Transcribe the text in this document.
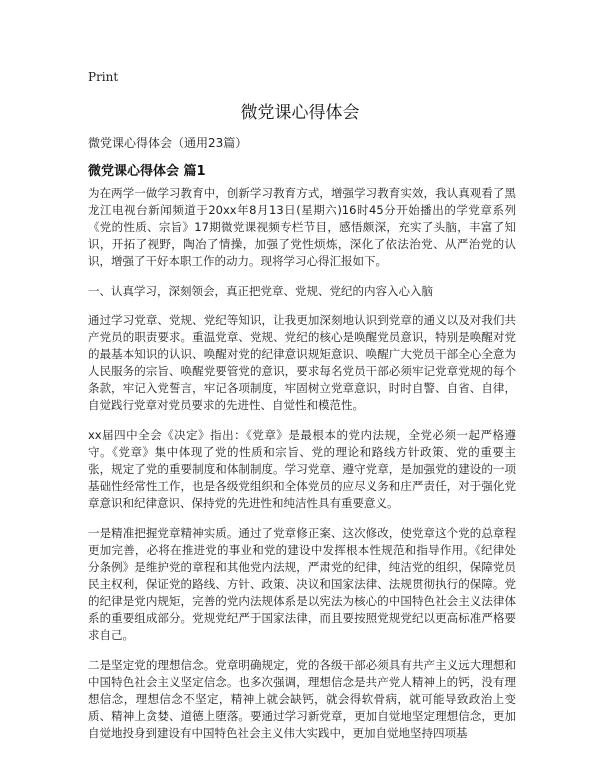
Print
微党课心得体会
微党课心得体会（通用23篇）
微党课心得体会 篇1

为在两学一做学习教育中，创新学习教育方式，增强学习教育实效，我认真观看了黑龙江电视台新闻频道于20xx年8月13日(星期六)16时45分开始播出的学党章系列《党的性质、宗旨》17期微党课视频专栏节目，感悟颇深，充实了头脑，丰富了知识，开拓了视野，陶冶了情操，加强了党性烦炼，深化了依法治党、从严治党的认识，增强了干好本职工作的动力。现将学习心得汇报如下。

一、认真学习，深刻领会，真正把党章、党规、党纪的内容入心入脑

通过学习党章、党规、党纪等知识，让我更加深刻地认识到党章的通义以及对我们共产党员的职责要求。重温党章、党规、党纪的核心是唤醒党员意识，特别是唤醒对党的最基本知识的认识、唤醒对党的纪律意识规矩意识、唤醒广大党员干部全心全意为人民服务的宗旨、唤醒党要管党的意识，要求每名党员干部必须牢记党章党规的每个条款，牢记入党誓言，牢记各项制度，牢固树立党章意识，时时自警、自省、自律，自觉践行党章对党员要求的先进性、自觉性和模范性。

xx届四中全会《决定》指出：《党章》是最根本的党内法规，全党必须一起严格遵守。《党章》集中体现了党的性质和宗旨、党的理论和路线方针政策、党的重要主张，规定了党的重要制度和体制制度。学习党章、遵守党章，是加强党的建设的一项基础性经常性工作，也是各级党组织和全体党员的应尽义务和庄严责任，对于强化党章意识和纪律意识、保持党的先进性和纯洁性具有重要意义。

一是精准把握党章精神实质。通过了党章修正案、这次修改，使党章这个党的总章程更加完善，必将在推进党的事业和党的建设中发挥根本性规范和指导作用。《纪律处分条例》是维护党的章程和其他党内法规，严肃党的纪律，纯洁党的组织，保障党员民主权利，保证党的路线、方针、政策、决议和国家法律、法规贯彻执行的保障。党的纪律是党内规矩，完善的党内法规体系是以宪法为核心的中国特色社会主义法律体系的重要组成部分。党规党纪严于国家法律，而且要按照党规党纪以更高标准严格要求自己。

二是坚定党的理想信念。党章明确规定，党的各级干部必须具有共产主义远大理想和中国特色社会主义坚定信念。也多次强调，理想信念是共产党人精神上的钙，没有理想信念，理想信念不坚定，精神上就会缺钙，就会得软骨病，就可能导致政治上变质、精神上贪婪、道德上堕落。要通过学习新党章，更加自觉地坚定理想信念，更加自觉地投身到建设有中国特色社会主义伟大实践中，更加自觉地坚持四项基
